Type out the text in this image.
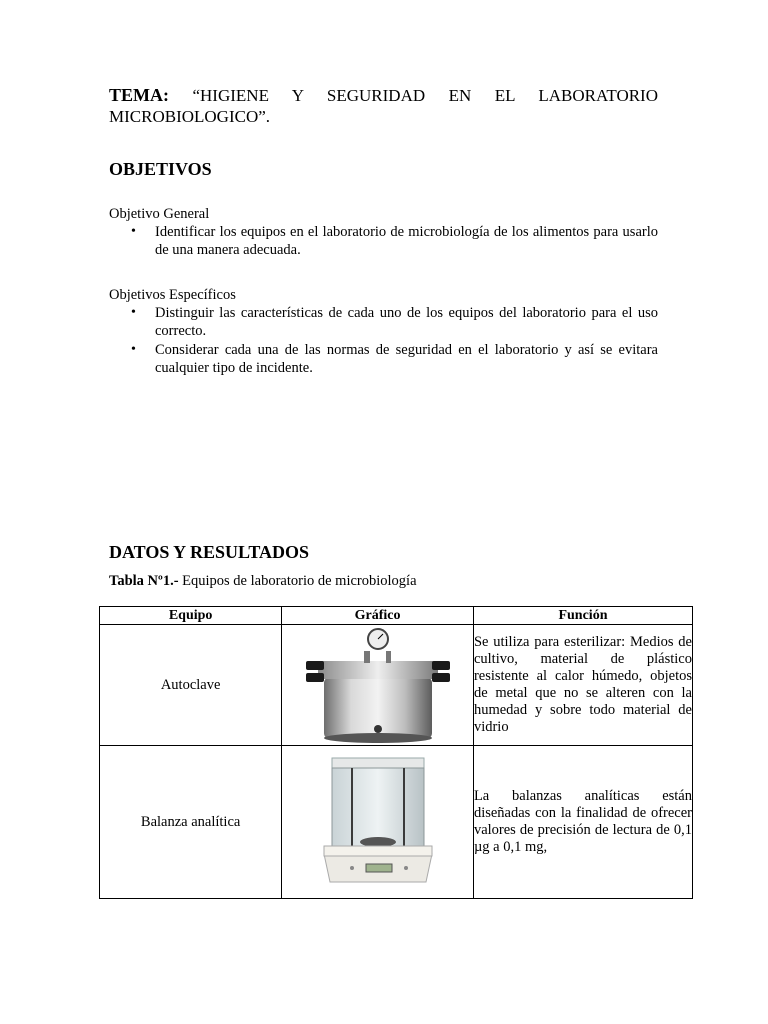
TEMA: “HIGIENE Y SEGURIDAD EN EL LABORATORIO
MICROBIOLOGICO”.
OBJETIVOS
Objetivo General
• Identificar los equipos en el laboratorio de microbiología de los alimentos para usarlo de una manera adecuada.
Objetivos Específicos
• Distinguir las características de cada uno de los equipos del laboratorio para el uso correcto.
• Considerar cada una de las normas de seguridad en el laboratorio y así se evitara cualquier tipo de incidente.
DATOS Y RESULTADOS
Tabla Nº1.- Equipos de laboratorio de microbiología
Equipo	Gráfico	Función
Autoclave		Se utiliza para esterilizar: Medios de cultivo, material de plástico resistente al calor húmedo, objetos de metal que no se alteren con la humedad y sobre todo material de vidrio
Balanza analítica		La balanzas analíticas están diseñadas con la finalidad de ofrecer valores de precisión de lectura de 0,1 µg a 0,1 mg,
